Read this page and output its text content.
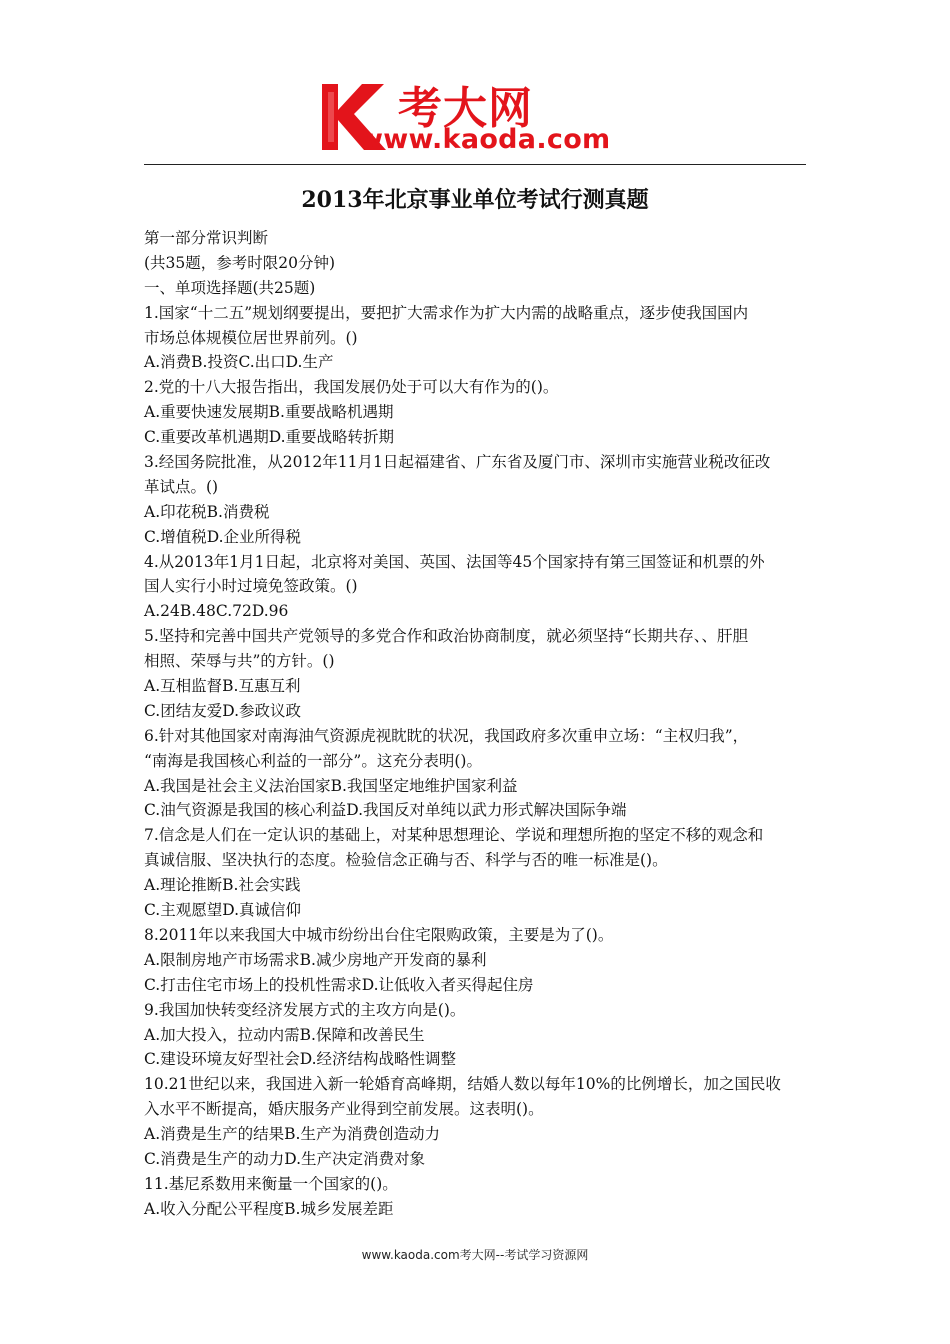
考大网
www.kaoda.com
2013年北京事业单位考试行测真题
第一部分常识判断
(共35题，参考时限20分钟)
一、单项选择题(共25题)
1.国家“十二五”规划纲要提出，要把扩大需求作为扩大内需的战略重点，逐步使我国国内
市场总体规模位居世界前列。()
A.消费B.投资C.出口D.生产
2.党的十八大报告指出，我国发展仍处于可以大有作为的()。
A.重要快速发展期B.重要战略机遇期
C.重要改革机遇期D.重要战略转折期
3.经国务院批准，从2012年11月1日起福建省、广东省及厦门市、深圳市实施营业税改征改
革试点。()
A.印花税B.消费税
C.增值税D.企业所得税
4.从2013年1月1日起，北京将对美国、英国、法国等45个国家持有第三国签证和机票的外
国人实行小时过境免签政策。()
A.24B.48C.72D.96
5.坚持和完善中国共产党领导的多党合作和政治协商制度，就必须坚持“长期共存、、肝胆
相照、荣辱与共”的方针。()
A.互相监督B.互惠互利
C.团结友爱D.参政议政
6.针对其他国家对南海油气资源虎视眈眈的状况，我国政府多次重申立场：“主权归我”，
“南海是我国核心利益的一部分”。这充分表明()。
A.我国是社会主义法治国家B.我国坚定地维护国家利益
C.油气资源是我国的核心利益D.我国反对单纯以武力形式解决国际争端
7.信念是人们在一定认识的基础上，对某种思想理论、学说和理想所抱的坚定不移的观念和
真诚信服、坚决执行的态度。检验信念正确与否、科学与否的唯一标准是()。
A.理论推断B.社会实践
C.主观愿望D.真诚信仰
8.2011年以来我国大中城市纷纷出台住宅限购政策，主要是为了()。
A.限制房地产市场需求B.减少房地产开发商的暴利
C.打击住宅市场上的投机性需求D.让低收入者买得起住房
9.我国加快转变经济发展方式的主攻方向是()。
A.加大投入，拉动内需B.保障和改善民生
C.建设环境友好型社会D.经济结构战略性调整
10.21世纪以来，我国进入新一轮婚育高峰期，结婚人数以每年10%的比例增长，加之国民收
入水平不断提高，婚庆服务产业得到空前发展。这表明()。
A.消费是生产的结果B.生产为消费创造动力
C.消费是生产的动力D.生产决定消费对象
11.基尼系数用来衡量一个国家的()。
A.收入分配公平程度B.城乡发展差距
www.kaoda.com考大网--考试学习资源网
